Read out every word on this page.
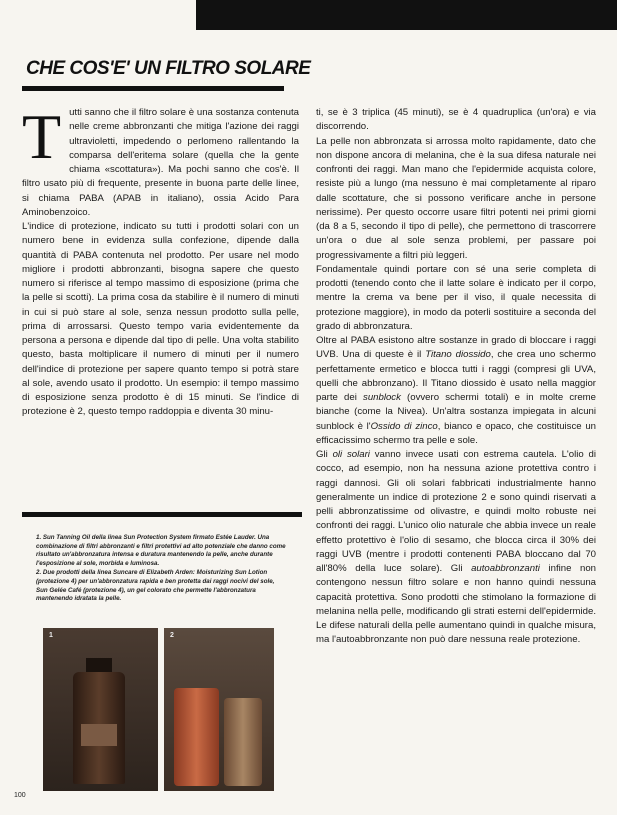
CHE COS'E' UN FILTRO SOLARE
T utti sanno che il filtro solare è una sostanza contenuta nelle creme abbronzanti che mitiga l'azione dei raggi ultravioletti, impedendo o perlomeno rallentando la comparsa dell'eritema solare (quella che la gente chiama «scottatura»). Ma pochi sanno che cos'è. Il filtro usato più di frequente, presente in buona parte delle linee, si chiama PABA (APAB in italiano), ossia Acido Para Aminobenzoico.

L'indice di protezione, indicato su tutti i prodotti solari con un numero bene in evidenza sulla confezione, dipende dalla quantità di PABA contenuta nel prodotto. Per usare nel modo migliore i prodotti abbronzanti, bisogna sapere che questo numero si riferisce al tempo massimo di esposizione (prima che la pelle si scotti). La prima cosa da stabilire è il numero di minuti in cui si può stare al sole, senza nessun prodotto sulla pelle, prima di arrossarsi. Questo tempo varia evidentemente da persona a persona e dipende dal tipo di pelle. Una volta stabilito questo, basta moltiplicare il numero di minuti per il numero dell'indice di protezione per sapere quanto tempo si potrà stare al sole, avendo usato il prodotto. Un esempio: il tempo massimo di esposizione senza prodotto è di 15 minuti. Se l'indice di protezione è 2, questo tempo raddoppia e diventa 30 minu-

ti, se è 3 triplica (45 minuti), se è 4 quadruplica (un'ora) e via discorrendo.

La pelle non abbronzata si arrossa molto rapidamente, dato che non dispone ancora di melanina, che è la sua difesa naturale nei confronti dei raggi. Man mano che l'epidermide acquista colore, resiste più a lungo (ma nessuno è mai completamente al riparo dalle scottature, che si possono verificare anche in persone nerissime). Per questo occorre usare filtri potenti nei primi giorni (da 8 a 5, secondo il tipo di pelle), che permettono di trascorrere un'ora o due al sole senza problemi, per passare poi progressivamente a filtri più leggeri.

Fondamentale quindi portare con sé una serie completa di prodotti (tenendo conto che il latte solare è indicato per il corpo, mentre la crema va bene per il viso, il quale necessita di protezione maggiore), in modo da poterli sostituire a seconda del grado di abbronzatura.

Oltre al PABA esistono altre sostanze in grado di bloccare i raggi UVB. Una di queste è il Titano diossido, che crea uno schermo perfettamente ermetico e blocca tutti i raggi (compresi gli UVA, quelli che abbronzano). Il Titano diossido è usato nella maggior parte dei sunblock (ovvero schermi totali) e in molte creme bianche (come la Nivea). Un'altra sostanza impiegata in alcuni sunblock è l'Ossido di zinco, bianco e opaco, che costituisce un efficacissimo schermo tra pelle e sole.

Gli oli solari vanno invece usati con estrema cautela. L'olio di cocco, ad esempio, non ha nessuna azione protettiva contro i raggi dannosi. Gli oli solari fabbricati industrialmente hanno generalmente un indice di protezione 2 e sono quindi riservati a pelli abbronzatissime od olivastre, e quindi molto robuste nei confronti dei raggi. L'unico olio naturale che abbia invece un reale effetto protettivo è l'olio di sesamo, che blocca circa il 30% dei raggi UVB (mentre i prodotti contenenti PABA bloccano dal 70 all'80% della luce solare). Gli autoabbronzanti infine non contengono nessun filtro solare e non hanno quindi nessuna capacità protettiva. Sono prodotti che stimolano la formazione di melanina nella pelle, modificando gli strati esterni dell'epidermide. Le difese naturali della pelle aumentano quindi in qualche misura, ma l'autoabbronzante non può dare nessuna reale protezione.

1. Sun Tanning Oil della linea Sun Protection System firmato Estée Lauder. Una combinazione di filtri abbronzanti e filtri protettivi ad alto potenziale che danno come risultato un'abbronzatura intensa e duratura mantenendo la pelle, anche durante l'esposizione al sole, morbida e luminosa.

2. Due prodotti della linea Suncare di Elizabeth Arden: Moisturizing Sun Lotion (protezione 4) per un'abbronzatura rapida e ben protetta dai raggi nocivi del sole, Sun Gelée Café (protezione 4), un gel colorato che permette l'abbronzatura mantenendo idratata la pelle.

1	2
100
